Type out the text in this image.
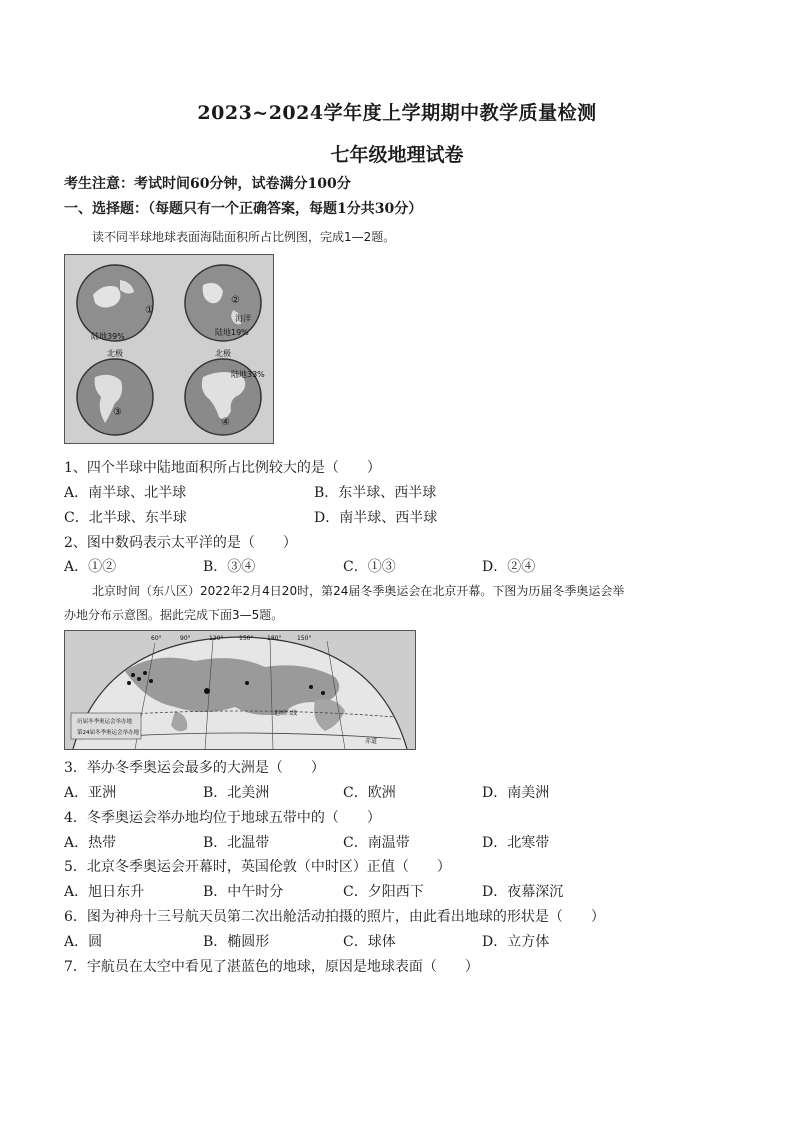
2023~2024学年度上学期期中教学质量检测
七年级地理试卷
考生注意：考试时间60分钟，试卷满分100分
一、选择题：（每题只有一个正确答案，每题1分共30分）
读不同半球地球表面海陆面积所占比例图，完成1—2题。
①
②
③
④
陆地39%
海洋
陆地19%
北极	北极
陆地33%
1、四个半球中陆地面积所占比例较大的是（　　）
A．南半球、北半球	B．东半球、西半球
C．北半球、东半球	D．南半球、西半球
2、图中数码表示太平洋的是（　　）
A．①②	B．③④	C．①③	D．②④
北京时间（东八区）2022年2月4日20时，第24届冬季奥运会在北京开幕。下图为历届冬季奥运会举
办地分布示意图。据此完成下面3—5题。
60°	90°	120°	150° 180°	150°
历届冬季奥运会举办地
第24届冬季奥运会举办地
北回归线
赤道
3．举办冬季奥运会最多的大洲是（　　）
A．亚洲	B．北美洲	C．欧洲	D．南美洲
4．冬季奥运会举办地均位于地球五带中的（　　）
A．热带	B．北温带	C．南温带	D．北寒带
5．北京冬季奥运会开幕时，英国伦敦（中时区）正值（　　）
A．旭日东升	B．中午时分	C．夕阳西下	D．夜幕深沉
6．图为神舟十三号航天员第二次出舱活动拍摄的照片，由此看出地球的形状是（　　）
A．圆	B．椭圆形	C．球体	D．立方体
7．宇航员在太空中看见了湛蓝色的地球，原因是地球表面（　　）
